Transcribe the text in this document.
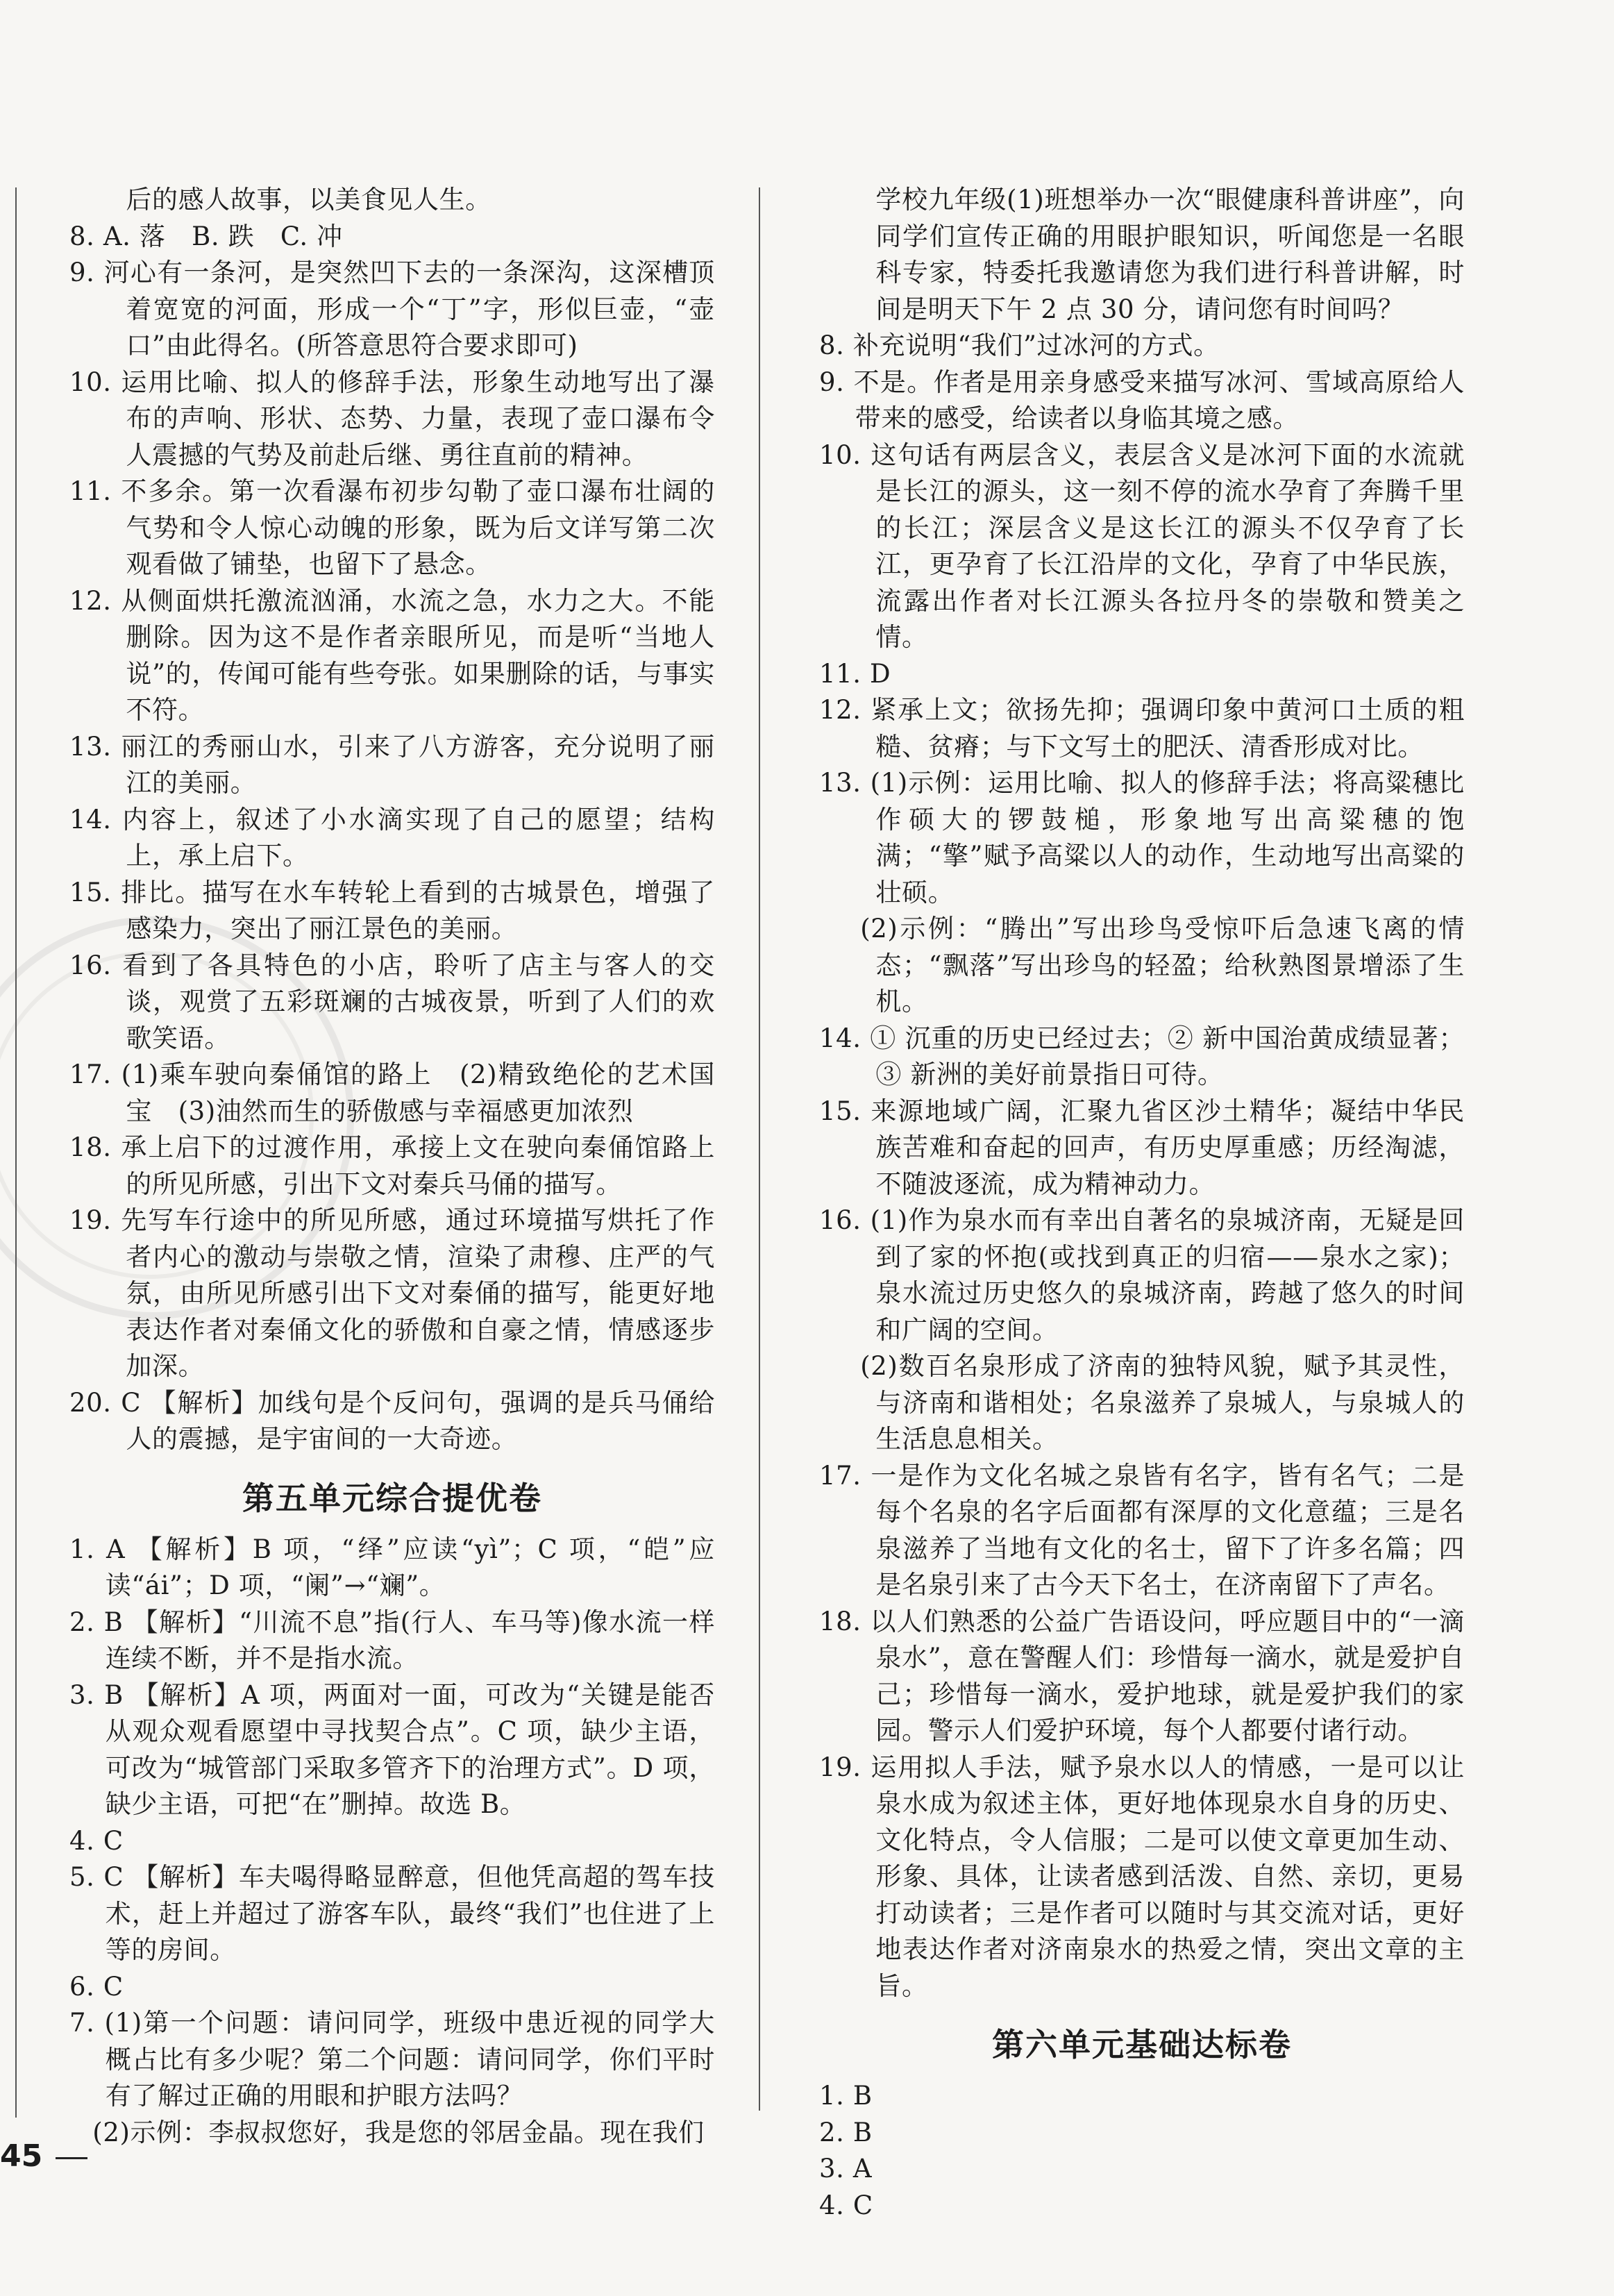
后的感人故事，以美食见人生。
8. A. 落　B. 跌　C. 冲
9. 河心有一条河，是突然凹下去的一条深沟，这深槽顶着宽宽的河面，形成一个“丁”字，形似巨壶，“壶口”由此得名。(所答意思符合要求即可)
10. 运用比喻、拟人的修辞手法，形象生动地写出了瀑布的声响、形状、态势、力量，表现了壶口瀑布令人震撼的气势及前赴后继、勇往直前的精神。
11. 不多余。第一次看瀑布初步勾勒了壶口瀑布壮阔的气势和令人惊心动魄的形象，既为后文详写第二次观看做了铺垫，也留下了悬念。
12. 从侧面烘托激流汹涌，水流之急，水力之大。不能删除。因为这不是作者亲眼所见，而是听“当地人说”的，传闻可能有些夸张。如果删除的话，与事实不符。
13. 丽江的秀丽山水，引来了八方游客，充分说明了丽江的美丽。
14. 内容上，叙述了小水滴实现了自己的愿望；结构上，承上启下。
15. 排比。描写在水车转轮上看到的古城景色，增强了感染力，突出了丽江景色的美丽。
16. 看到了各具特色的小店，聆听了店主与客人的交谈，观赏了五彩斑斓的古城夜景，听到了人们的欢歌笑语。
17. (1)乘车驶向秦俑馆的路上　(2)精致绝伦的艺术国宝　(3)油然而生的骄傲感与幸福感更加浓烈
18. 承上启下的过渡作用，承接上文在驶向秦俑馆路上的所见所感，引出下文对秦兵马俑的描写。
19. 先写车行途中的所见所感，通过环境描写烘托了作者内心的激动与崇敬之情，渲染了肃穆、庄严的气氛，由所见所感引出下文对秦俑的描写，能更好地表达作者对秦俑文化的骄傲和自豪之情，情感逐步加深。
20. C 【解析】加线句是个反问句，强调的是兵马俑给人的震撼，是宇宙间的一大奇迹。
第五单元综合提优卷
1. A 【解析】B 项，“绎”应读“yì”；C 项，“皑”应读“ái”；D 项，“阑”→“斓”。
2. B 【解析】“川流不息”指(行人、车马等)像水流一样连续不断，并不是指水流。
3. B 【解析】A 项，两面对一面，可改为“关键是能否从观众观看愿望中寻找契合点”。C 项，缺少主语，可改为“城管部门采取多管齐下的治理方式”。D 项，缺少主语，可把“在”删掉。故选 B。
4. C
5. C 【解析】车夫喝得略显醉意，但他凭高超的驾车技术，赶上并超过了游客车队，最终“我们”也住进了上等的房间。
6. C
7. (1)第一个问题：请问同学，班级中患近视的同学大概占比有多少呢？第二个问题：请问同学，你们平时有了解过正确的用眼和护眼方法吗？
(2)示例：李叔叔您好，我是您的邻居金晶。现在我们
学校九年级(1)班想举办一次“眼健康科普讲座”，向同学们宣传正确的用眼护眼知识，听闻您是一名眼科专家，特委托我邀请您为我们进行科普讲解，时间是明天下午 2 点 30 分，请问您有时间吗？
8. 补充说明“我们”过冰河的方式。
9. 不是。作者是用亲身感受来描写冰河、雪域高原给人带来的感受，给读者以身临其境之感。
10. 这句话有两层含义，表层含义是冰河下面的水流就是长江的源头，这一刻不停的流水孕育了奔腾千里的长江；深层含义是这长江的源头不仅孕育了长江，更孕育了长江沿岸的文化，孕育了中华民族，流露出作者对长江源头各拉丹冬的崇敬和赞美之情。
11. D
12. 紧承上文；欲扬先抑；强调印象中黄河口土质的粗糙、贫瘠；与下文写土的肥沃、清香形成对比。
13. (1)示例：运用比喻、拟人的修辞手法；将高粱穗比作硕大的锣鼓槌，形象地写出高粱穗的饱满；“擎”赋予高粱以人的动作，生动地写出高粱的壮硕。
(2)示例：“腾出”写出珍鸟受惊吓后急速飞离的情态；“飘落”写出珍鸟的轻盈；给秋熟图景增添了生机。
14. ① 沉重的历史已经过去；② 新中国治黄成绩显著；③ 新洲的美好前景指日可待。
15. 来源地域广阔，汇聚九省区沙土精华；凝结中华民族苦难和奋起的回声，有历史厚重感；历经淘滤，不随波逐流，成为精神动力。
16. (1)作为泉水而有幸出自著名的泉城济南，无疑是回到了家的怀抱(或找到真正的归宿——泉水之家)；泉水流过历史悠久的泉城济南，跨越了悠久的时间和广阔的空间。
(2)数百名泉形成了济南的独特风貌，赋予其灵性，与济南和谐相处；名泉滋养了泉城人，与泉城人的生活息息相关。
17. 一是作为文化名城之泉皆有名字，皆有名气；二是每个名泉的名字后面都有深厚的文化意蕴；三是名泉滋养了当地有文化的名士，留下了许多名篇；四是名泉引来了古今天下名士，在济南留下了声名。
18. 以人们熟悉的公益广告语设问，呼应题目中的“一滴泉水”，意在警醒人们：珍惜每一滴水，就是爱护自己；珍惜每一滴水，爱护地球，就是爱护我们的家园。警示人们爱护环境，每个人都要付诸行动。
19. 运用拟人手法，赋予泉水以人的情感，一是可以让泉水成为叙述主体，更好地体现泉水自身的历史、文化特点，令人信服；二是可以使文章更加生动、形象、具体，让读者感到活泼、自然、亲切，更易打动读者；三是作者可以随时与其交流对话，更好地表达作者对济南泉水的热爱之情，突出文章的主旨。
第六单元基础达标卷
1. B
2. B
3. A
4. C
45
